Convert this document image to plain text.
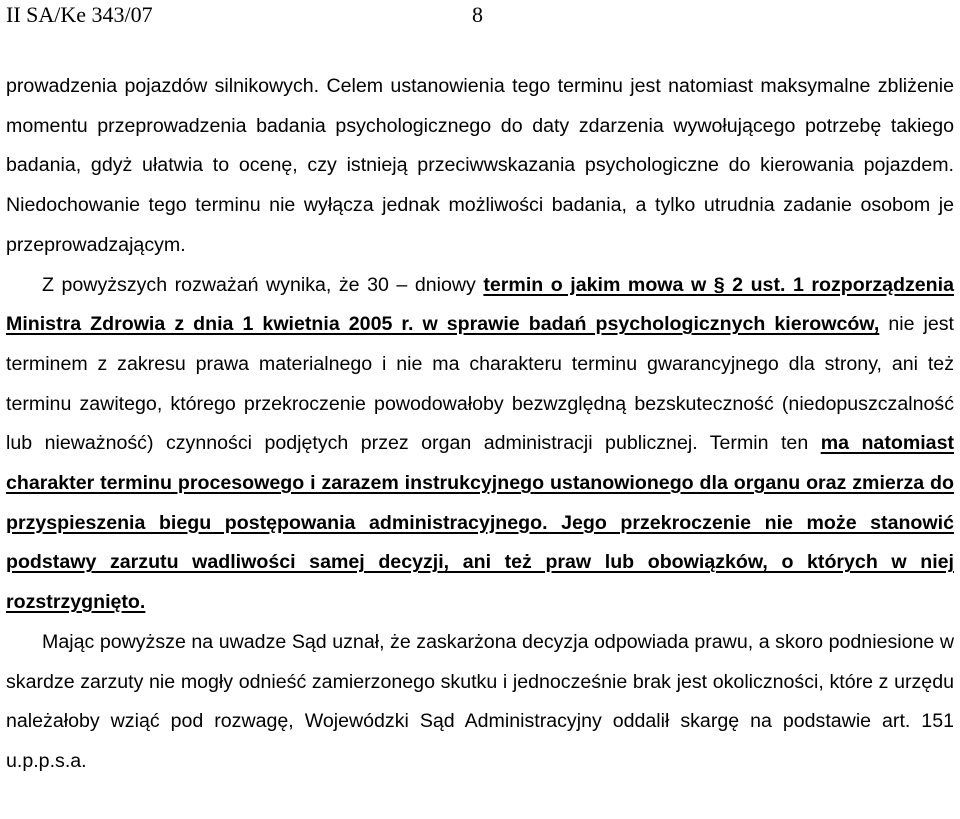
II SA/Ke 343/07	8

prowadzenia pojazdów silnikowych. Celem ustanowienia tego terminu jest natomiast maksymalne zbliżenie momentu przeprowadzenia badania psychologicznego do daty zdarzenia wywołującego potrzebę takiego badania, gdyż ułatwia to ocenę, czy istnieją przeciwwskazania psychologiczne do kierowania pojazdem. Niedochowanie tego terminu nie wyłącza jednak możliwości badania, a tylko utrudnia zadanie osobom je przeprowadzającym.

Z powyższych rozważań wynika, że 30 – dniowy termin o jakim mowa w § 2 ust. 1 rozporządzenia Ministra Zdrowia z dnia 1 kwietnia 2005 r. w sprawie badań psychologicznych kierowców, nie jest terminem z zakresu prawa materialnego i nie ma charakteru terminu gwarancyjnego dla strony, ani też terminu zawitego, którego przekroczenie powodowałoby bezwzględną bezskuteczność (niedopuszczalność lub nieważność) czynności podjętych przez organ administracji publicznej. Termin ten ma natomiast charakter terminu procesowego i zarazem instrukcyjnego ustanowionego dla organu oraz zmierza do przyspieszenia biegu postępowania administracyjnego. Jego przekroczenie nie może stanowić podstawy zarzutu wadliwości samej decyzji, ani też praw lub obowiązków, o których w niej rozstrzygnięto.

Mając powyższe na uwadze Sąd uznał, że zaskarżona decyzja odpowiada prawu, a skoro podniesione w skardze zarzuty nie mogły odnieść zamierzonego skutku i jednocześnie brak jest okoliczności, które z urzędu należałoby wziąć pod rozwagę, Wojewódzki Sąd Administracyjny oddalił skargę na podstawie art. 151 u.p.p.s.a.
